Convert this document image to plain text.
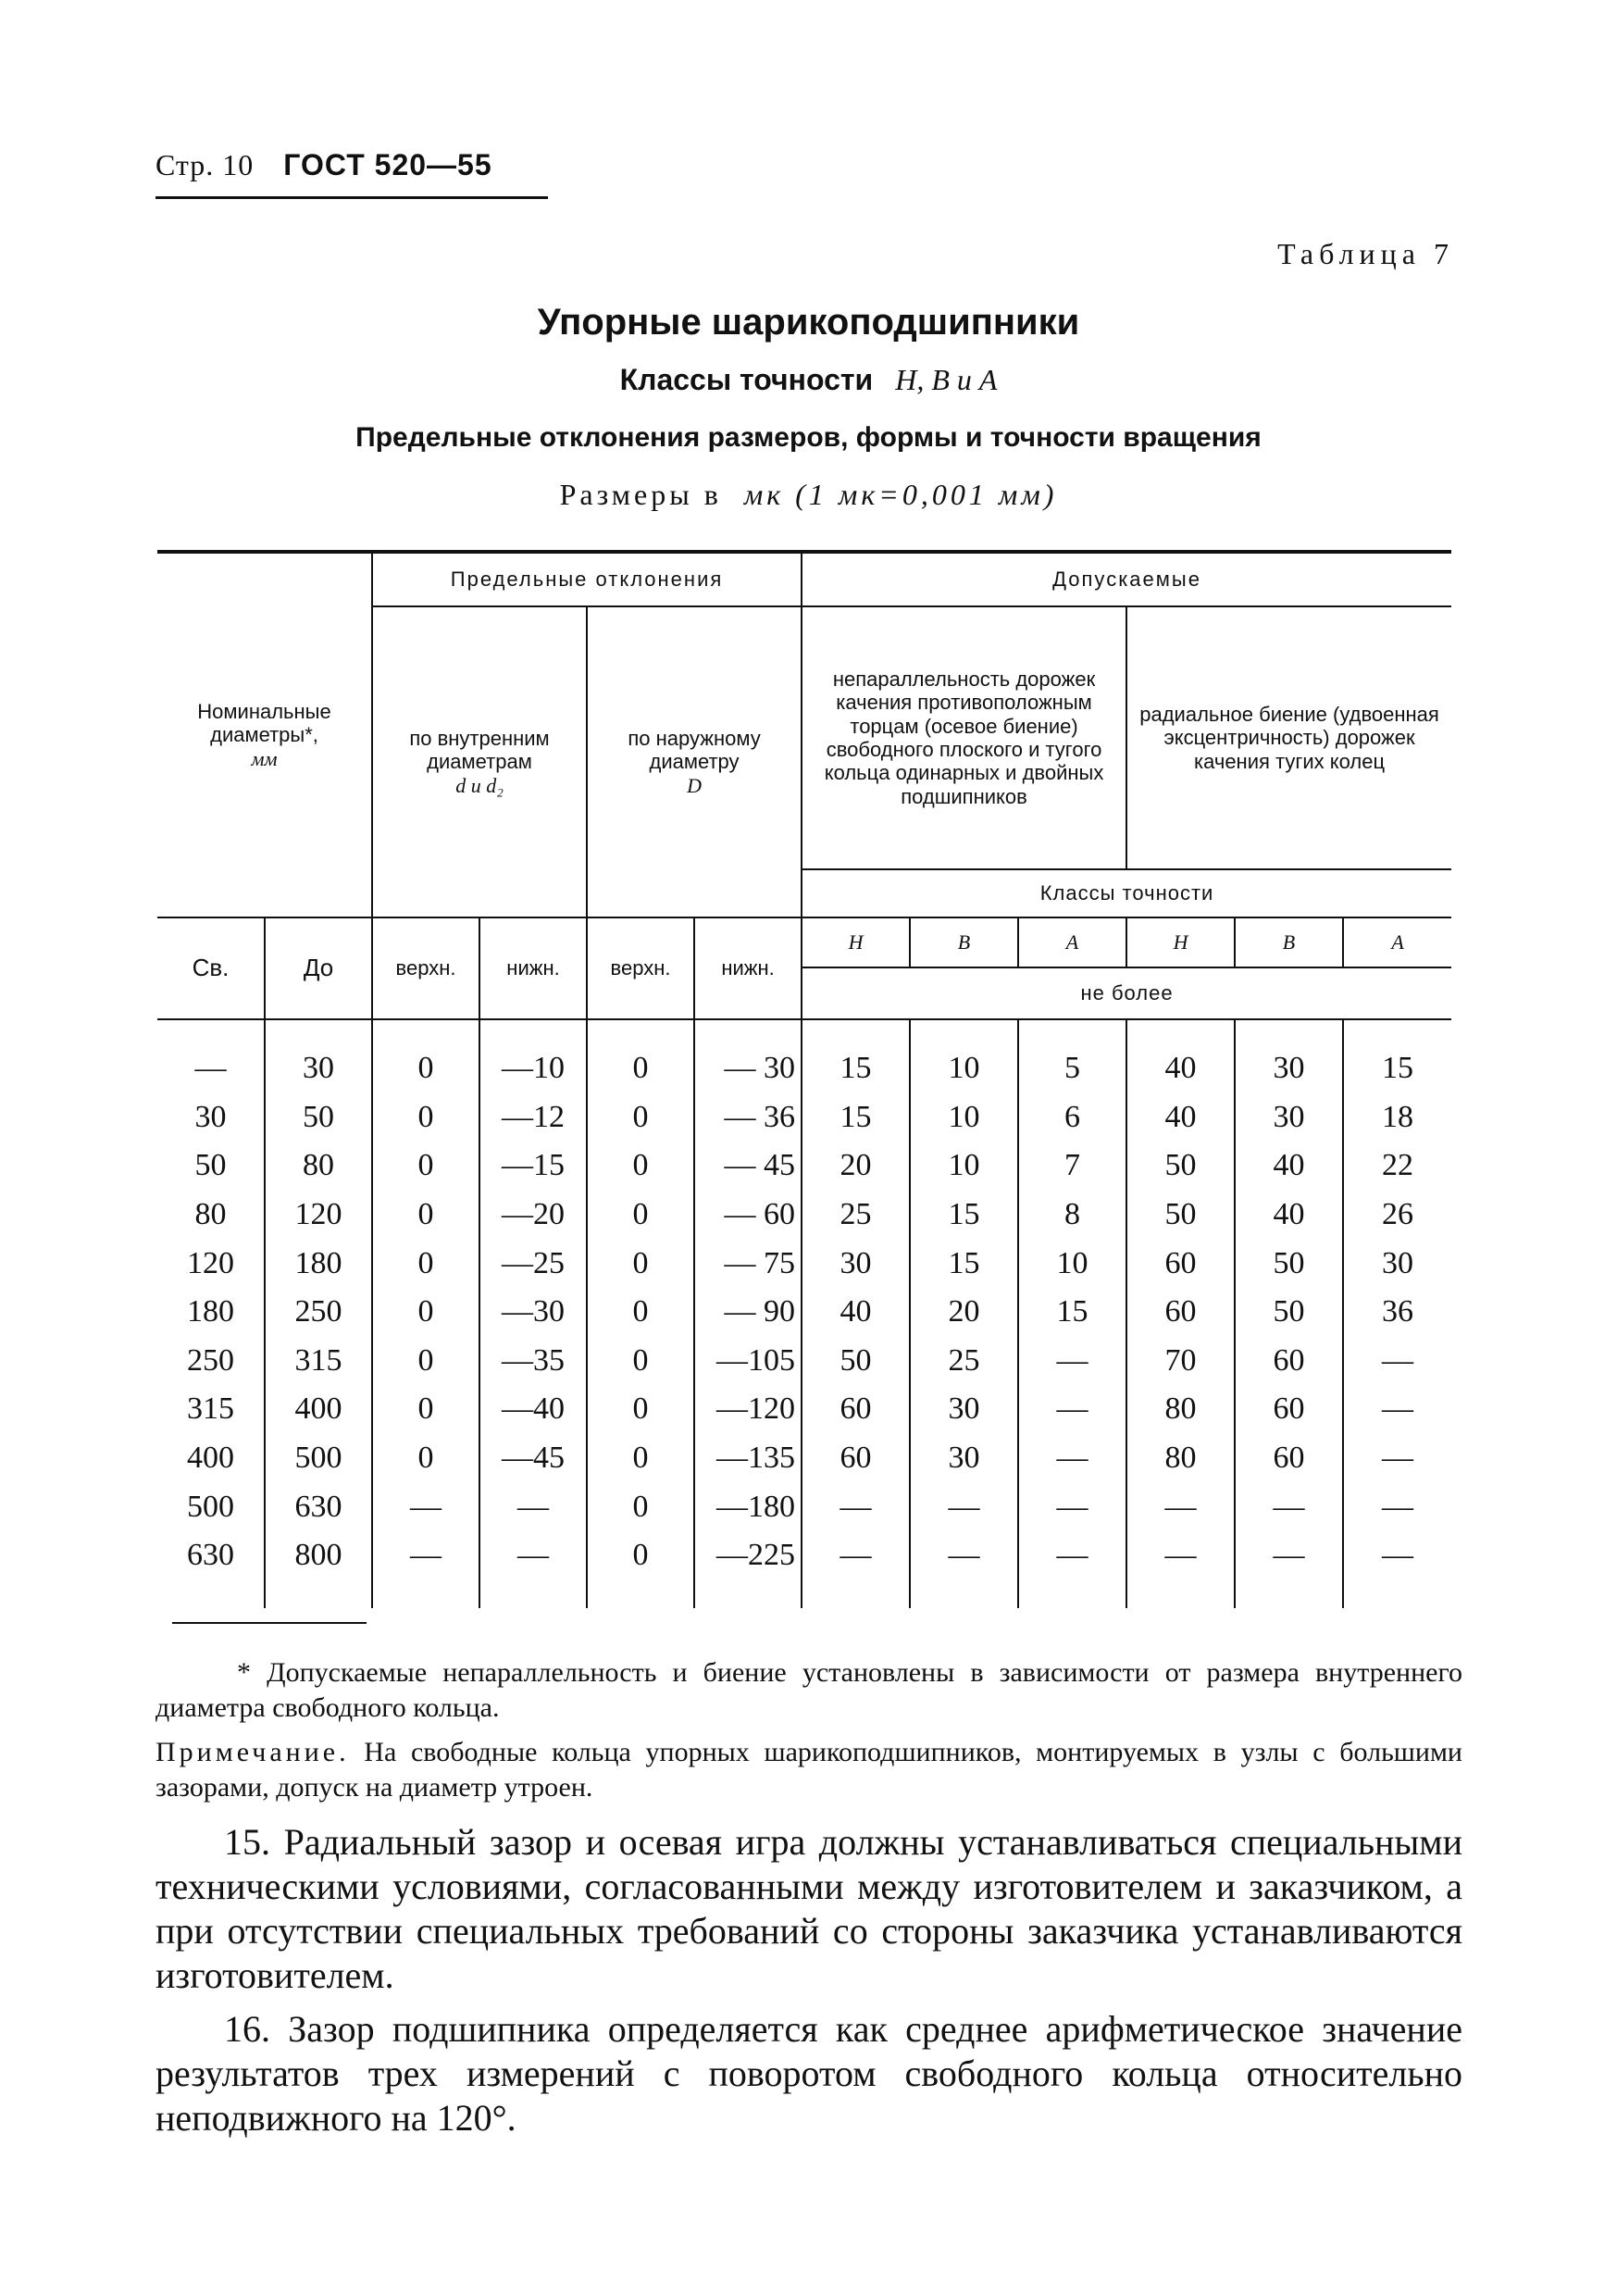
Стр. 10 ГОСТ 520—55
Таблица 7
Упорные шарикоподшипники
Классы точности Н, В и А
Предельные отклонения размеров, формы и точности вращения
Размеры в мк (1 мк=0,001 мм)
Номинальные диаметры*,
мм		Предельные отклонения				Допускаемые					
		по внутренним диаметрам
d и d₂		по наружному диаметру
D		непараллельность дорожек качения противоположным торцам (осевое биение) свободного плоского и тугого кольца одинарных и двойных подшипников			радиальное биение (удвоенная эксцентричность) дорожек качения тугих колец		
						Классы точности					
Св.	До	верхн.	нижн.	верхн.	нижн.	Н	В	А	Н	В	А
						не более					
—	30	0	—10	0	— 30	15	10	5	40	30	15
30	50	0	—12	0	— 36	15	10	6	40	30	18
50	80	0	—15	0	— 45	20	10	7	50	40	22
80	120	0	—20	0	— 60	25	15	8	50	40	26
120	180	0	—25	0	— 75	30	15	10	60	50	30
180	250	0	—30	0	— 90	40	20	15	60	50	36
250	315	0	—35	0	—105	50	25	—	70	60	—
315	400	0	—40	0	—120	60	30	—	80	60	—
400	500	0	—45	0	—135	60	30	—	80	60	—
500	630	—	—	0	—180	—	—	—	—	—	—
630	800	—	—	0	—225	—	—	—	—	—	—
* Допускаемые непараллельность и биение установлены в зависимости от размера внутреннего диаметра свободного кольца.
Примечание. На свободные кольца упорных шарикоподшипников, монтируемых в узлы с большими зазорами, допуск на диаметр утроен.
15. Радиальный зазор и осевая игра должны устанавливаться специальными техническими условиями, согласованными между изготовителем и заказчиком, а при отсутствии специальных требований со стороны заказчика устанавливаются изготовителем.
16. Зазор подшипника определяется как среднее арифметическое значение результатов трех измерений с поворотом свободного кольца относительно неподвижного на 120°.
